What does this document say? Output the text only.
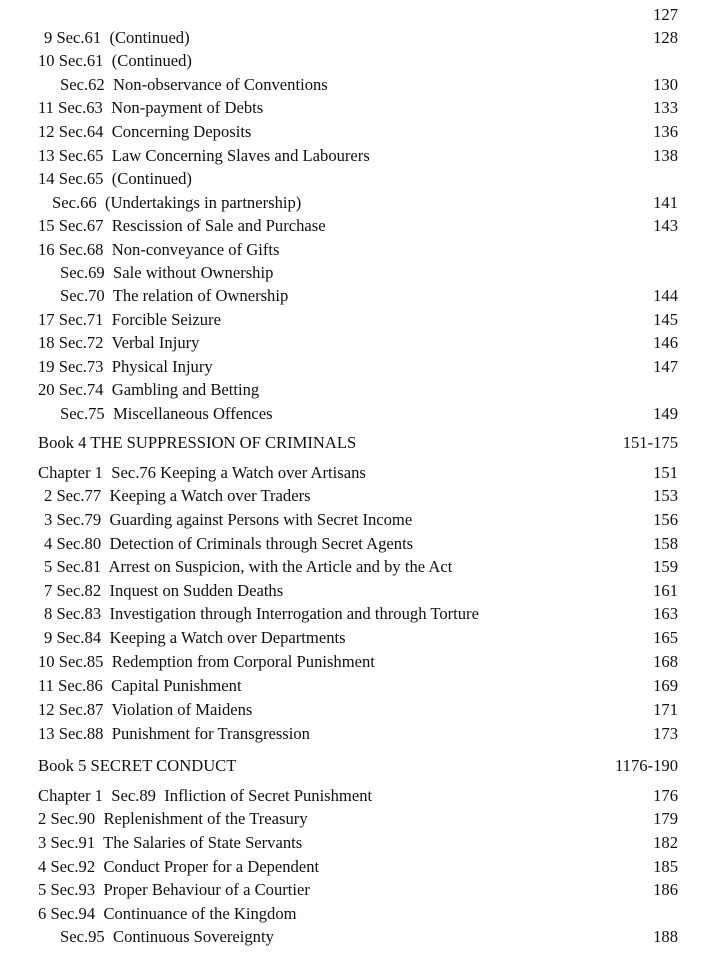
127
9 Sec.61  (Continued)	128
10 Sec.61  (Continued)
Sec.62  Non-observance of Conventions	130
11 Sec.63  Non-payment of Debts	133
12 Sec.64  Concerning Deposits	136
13 Sec.65  Law Concerning Slaves and Labourers	138
14 Sec.65  (Continued)
Sec.66  (Undertakings in partnership)	141
15 Sec.67  Rescission of Sale and Purchase	143
16 Sec.68  Non-conveyance of Gifts
Sec.69  Sale without Ownership
Sec.70  The relation of Ownership	144
17 Sec.71  Forcible Seizure	145
18 Sec.72  Verbal Injury	146
19 Sec.73  Physical Injury	147
20 Sec.74  Gambling and Betting
Sec.75  Miscellaneous Offences	149
Book 4 THE SUPPRESSION OF CRIMINALS	151-175
Chapter 1  Sec.76 Keeping a Watch over Artisans	151
2 Sec.77  Keeping a Watch over Traders	153
3 Sec.79  Guarding against Persons with Secret Income	156
4 Sec.80  Detection of Criminals through Secret Agents	158
5 Sec.81  Arrest on Suspicion, with the Article and by the Act	159
7 Sec.82  Inquest on Sudden Deaths	161
8 Sec.83  Investigation through Interrogation and through Torture	163
9 Sec.84  Keeping a Watch over Departments	165
10 Sec.85  Redemption from Corporal Punishment	168
11 Sec.86  Capital Punishment	169
12 Sec.87  Violation of Maidens	171
13 Sec.88  Punishment for Transgression	173
Book 5 SECRET CONDUCT	1176-190
Chapter 1  Sec.89  Infliction of Secret Punishment	176
2 Sec.90  Replenishment of the Treasury	179
3 Sec.91  The Salaries of State Servants	182
4 Sec.92  Conduct Proper for a Dependent	185
5 Sec.93  Proper Behaviour of a Courtier	186
6 Sec.94  Continuance of the Kingdom
Sec.95  Continuous Sovereignty	188
